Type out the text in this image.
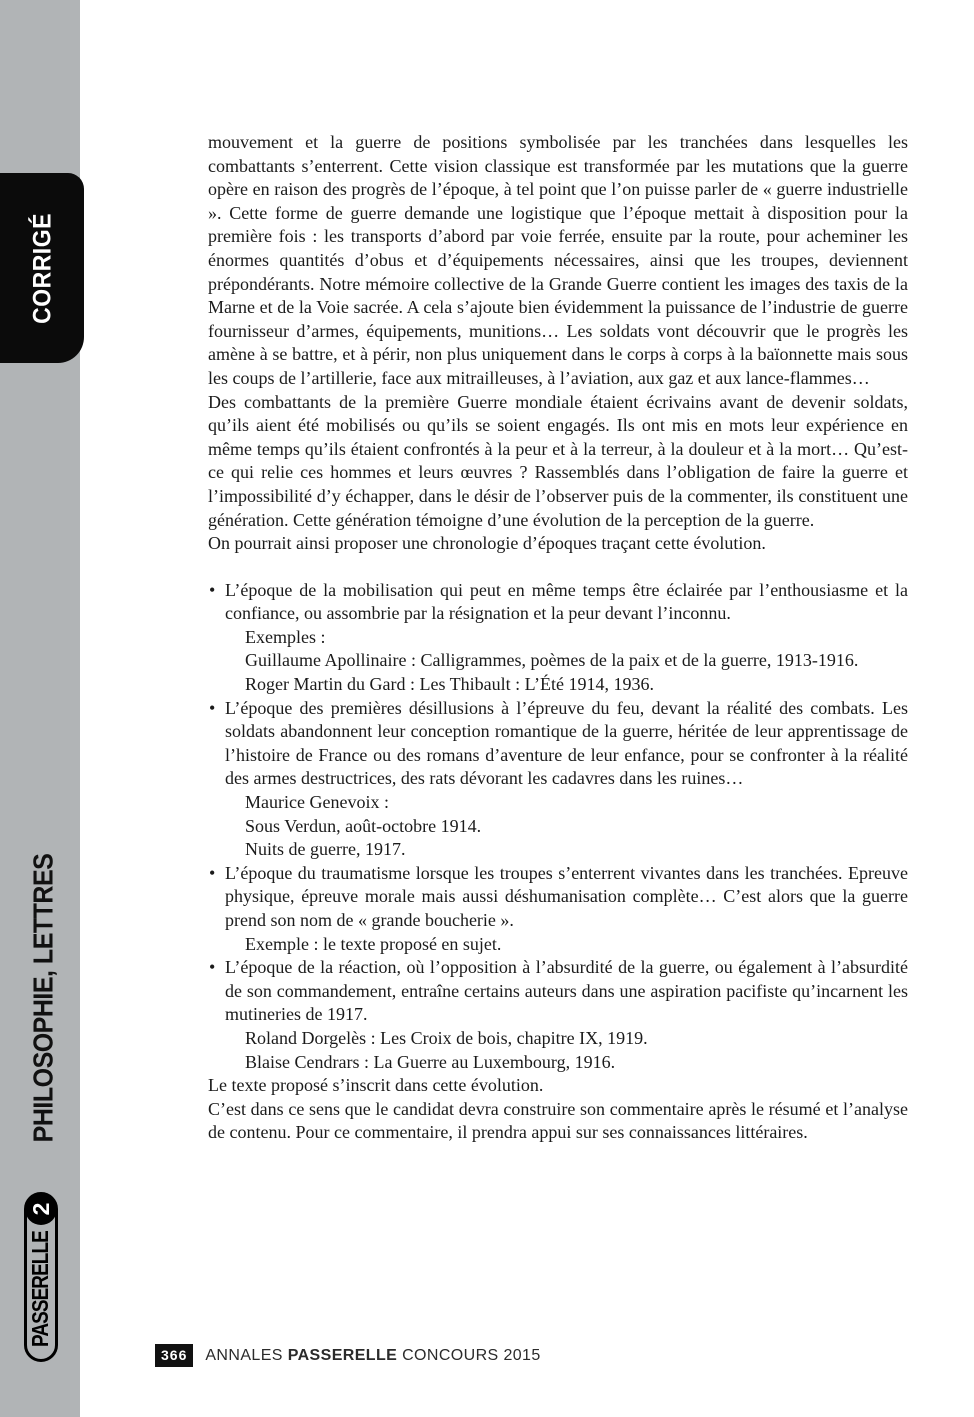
CORRIGÉ
PHILOSOPHIE, LETTRES
PASSERELLE
2

mouvement et la guerre de positions symbolisée par les tranchées dans lesquelles les combattants s’enterrent. Cette vision classique est transformée par les mutations que la guerre opère en raison des progrès de l’époque, à tel point que l’on puisse parler de « guerre industrielle ». Cette forme de guerre demande une logistique que l’époque mettait à disposition pour la première fois : les transports d’abord par voie ferrée, ensuite par la route, pour acheminer les énormes quantités d’obus et d’équipements nécessaires, ainsi que les troupes, deviennent prépondérants. Notre mémoire collective de la Grande Guerre contient les images des taxis de la Marne et de la Voie sacrée. A cela s’ajoute bien évidemment la puissance de l’industrie de guerre fournisseur d’armes, équipements, munitions… Les soldats vont découvrir que le progrès les amène à se battre, et à périr, non plus uniquement dans le corps à corps à la baïonnette mais sous les coups de l’artillerie, face aux mitrailleuses, à l’aviation, aux gaz et aux lance-flammes…

Des combattants de la première Guerre mondiale étaient écrivains avant de devenir soldats, qu’ils aient été mobilisés ou qu’ils se soient engagés. Ils ont mis en mots leur expérience en même temps qu’ils étaient confrontés à la peur et à la terreur, à la douleur et à la mort… Qu’est-ce qui relie ces hommes et leurs œuvres ? Rassemblés dans l’obligation de faire la guerre et l’impossibilité d’y échapper, dans le désir de l’observer puis de la commenter, ils constituent une génération. Cette génération témoigne d’une évolution de la perception de la guerre.

On pourrait ainsi proposer une chronologie d’époques traçant cette évolution.

• L’époque de la mobilisation qui peut en même temps être éclairée par l’enthousiasme et la confiance, ou assombrie par la résignation et la peur devant l’inconnu.

Exemples :
Guillaume Apollinaire : Calligrammes, poèmes de la paix et de la guerre, 1913-1916.
Roger Martin du Gard : Les Thibault : L’Été 1914, 1936.

• L’époque des premières désillusions à l’épreuve du feu, devant la réalité des combats. Les soldats abandonnent leur conception romantique de la guerre, héritée de leur apprentissage de l’histoire de France ou des romans d’aventure de leur enfance, pour se confronter à la réalité des armes destructrices, des rats dévorant les cadavres dans les ruines…

Maurice Genevoix :
Sous Verdun, août-octobre 1914.
Nuits de guerre, 1917.

• L’époque du traumatisme lorsque les troupes s’enterrent vivantes dans les tranchées. Epreuve physique, épreuve morale mais aussi déshumanisation complète… C’est alors que la guerre prend son nom de « grande boucherie ».

Exemple : le texte proposé en sujet.

• L’époque de la réaction, où l’opposition à l’absurdité de la guerre, ou également à l’absurdité de son commandement, entraîne certains auteurs dans une aspiration pacifiste qu’incarnent les mutineries de 1917.

Roland Dorgelès : Les Croix de bois, chapitre IX, 1919.
Blaise Cendrars : La Guerre au Luxembourg, 1916.

Le texte proposé s’inscrit dans cette évolution.
C’est dans ce sens que le candidat devra construire son commentaire après le résumé et l’analyse de contenu. Pour ce commentaire, il prendra appui sur ses connaissances littéraires.

366	ANNALES PASSERELLE CONCOURS 2015
